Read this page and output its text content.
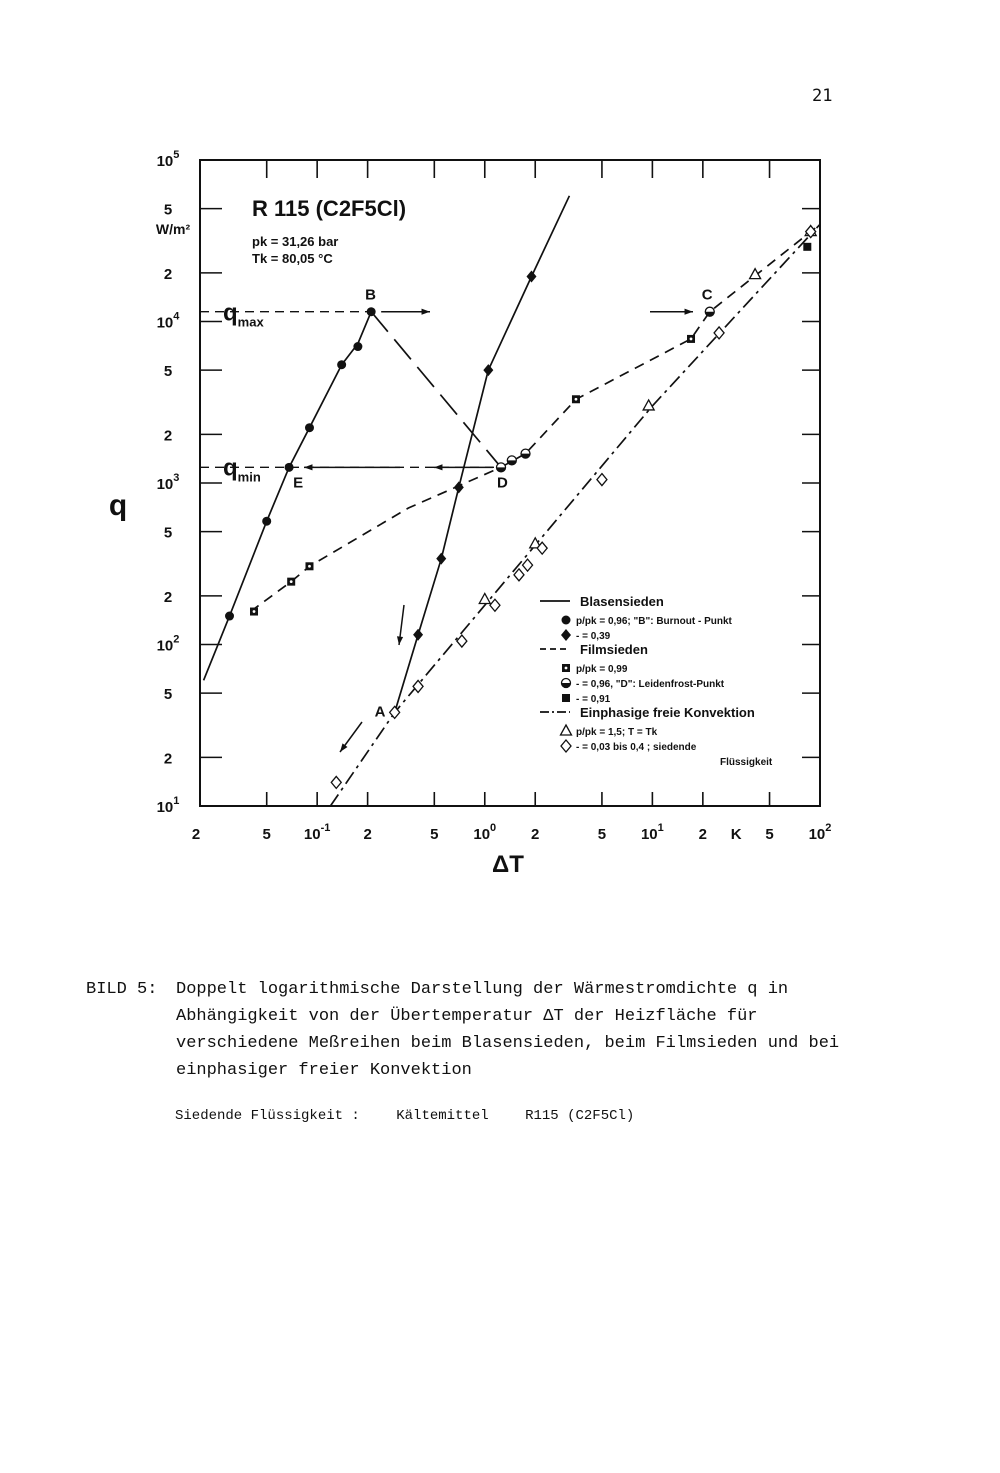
21
$10^1$
2
5
$10^2$
2
5
$10^3$
2
5
$10^4$
2
5
$10^5$
2	5 $10^{-1}$ 2	5 $10^0$ 2	5 $10^1$ 2	5 $10^2$
K
W/m²
R 115 (C2F5Cl)
pk = 31,26 bar
Tk = 80,05 °C
$q_{max}$
$q_{min}$
B	C
D
E
A
Blasensieden
p/pk = 0,96; "B": Burnout - Punkt
- = 0,39
Filmsieden
p/pk = 0,99
- = 0,96, "D": Leidenfrost-Punkt
- = 0,91
Einphasige freie Konvektion
p/pk = 1,5; T = Tk
- = 0,03 bis 0,4 ; siedende
Flüssigkeit
ΔT
q
BILD 5: Doppelt logarithmische Darstellung der Wärmestromdichte q in Abhängigkeit von der Übertemperatur ΔT der Heizfläche für verschiedene Meßreihen beim Blasensieden, beim Filmsieden und bei einphasiger freier Konvektion
Siedende Flüssigkeit :	Kältemittel	R115 (C2F5Cl)
